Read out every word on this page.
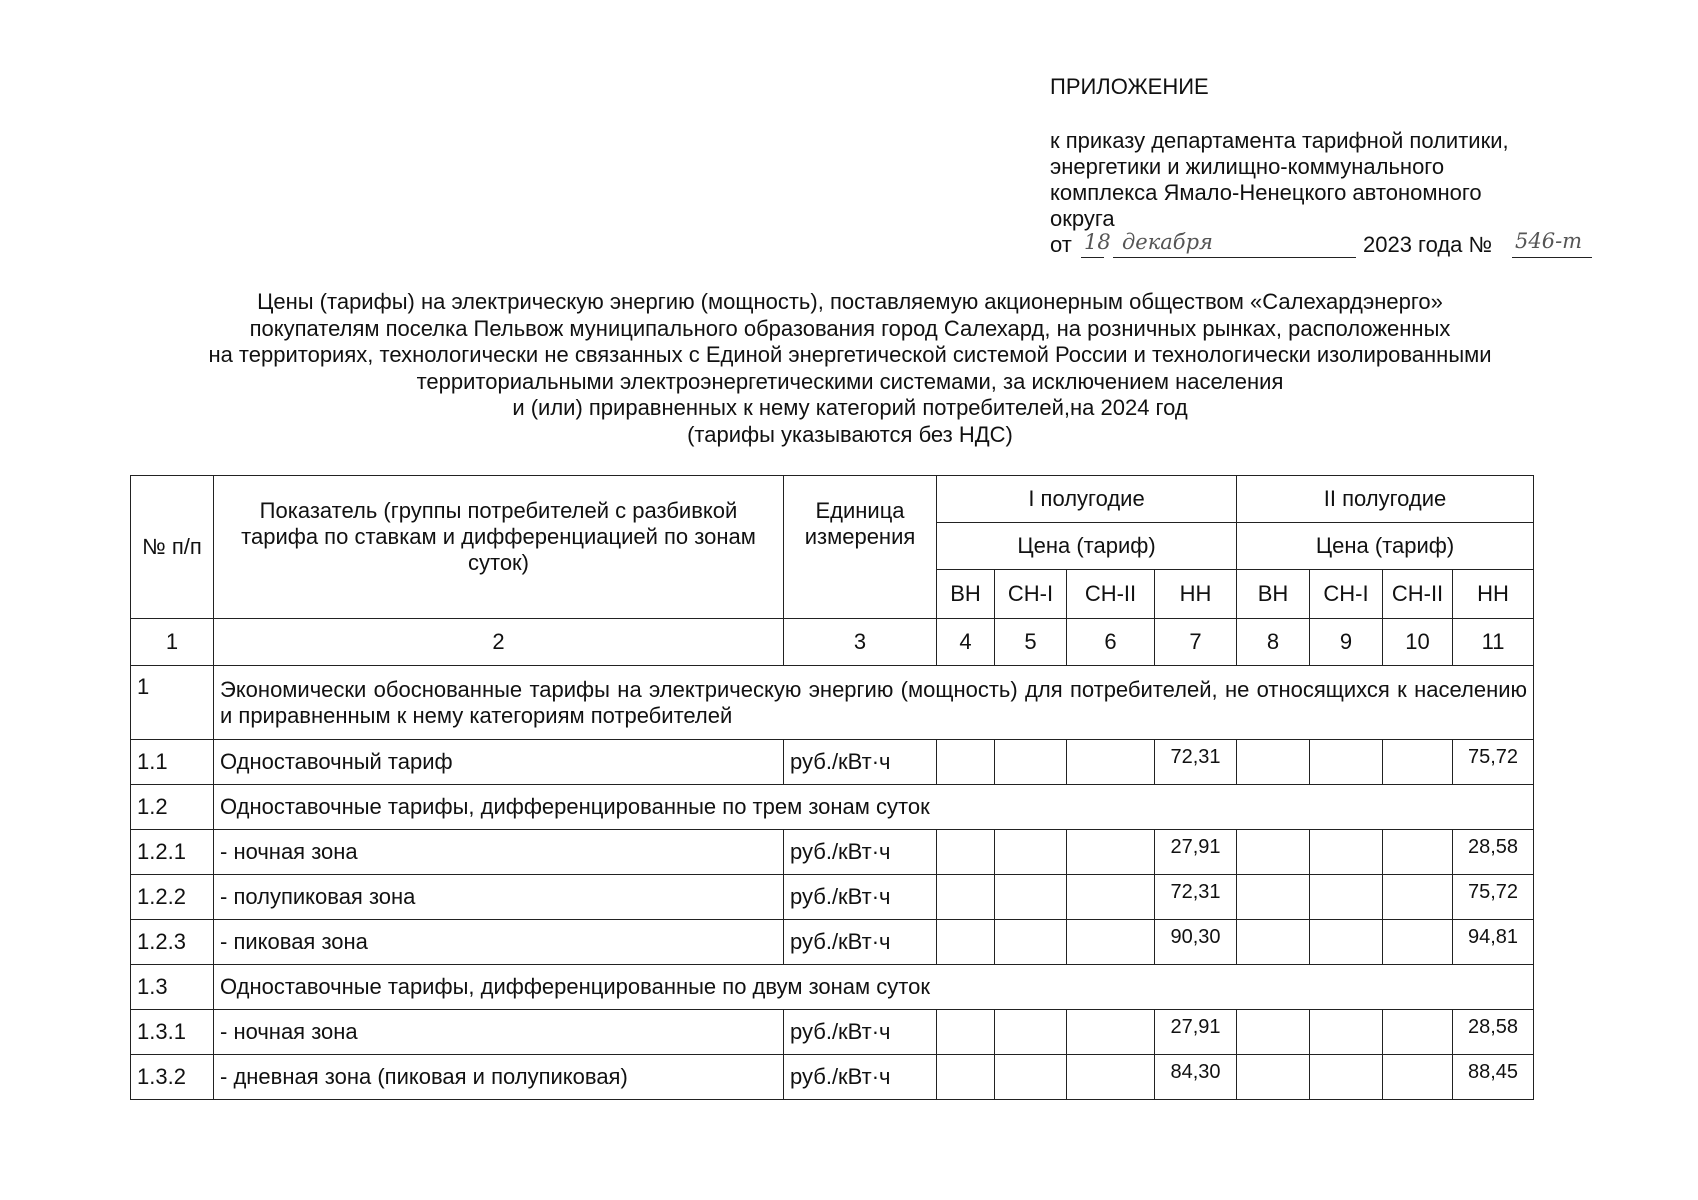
ПРИЛОЖЕНИЕ
к приказу департамента тарифной политики,
энергетики и жилищно-коммунального
комплекса Ямало-Ненецкого автономного
округа
от 18 декабря	2023 года № 546-т
Цены (тарифы) на электрическую энергию (мощность), поставляемую акционерным обществом «Салехардэнерго»
покупателям поселка Пельвож муниципального образования город Салехард, на розничных рынках, расположенных
на территориях, технологически не связанных с Единой энергетической системой России и технологически изолированными
территориальными электроэнергетическими системами, за исключением населения
и (или) приравненных к нему категорий потребителей,на 2024 год
(тарифы указываются без НДС)
№ п/п	Показатель (группы потребителей с разбивкой тарифа по ставкам и дифференциацией по зонам суток)	Единица измерения	I полугодие				II полугодие			
			Цена (тариф)				Цена (тариф)			
			ВН	СН-I	СН-II	НН	ВН	СН-I	СН-II	НН
1	2	3	4	5	6	7	8	9	10	11
1	Экономически обоснованные тарифы на электрическую энергию (мощность) для потребителей, не относящихся к населению и приравненным к нему категориям потребителей									
1.1	Одноставочный тариф	руб./кВт·ч				72,31				75,72
1.2	Одноставочные тарифы, дифференцированные по трем зонам суток									
1.2.1	- ночная зона	руб./кВт·ч				27,91				28,58
1.2.2	- полупиковая зона	руб./кВт·ч				72,31				75,72
1.2.3	- пиковая зона	руб./кВт·ч				90,30				94,81
1.3	Одноставочные тарифы, дифференцированные по двум зонам суток									
1.3.1	- ночная зона	руб./кВт·ч				27,91				28,58
1.3.2	- дневная зона (пиковая и полупиковая)	руб./кВт·ч				84,30				88,45
